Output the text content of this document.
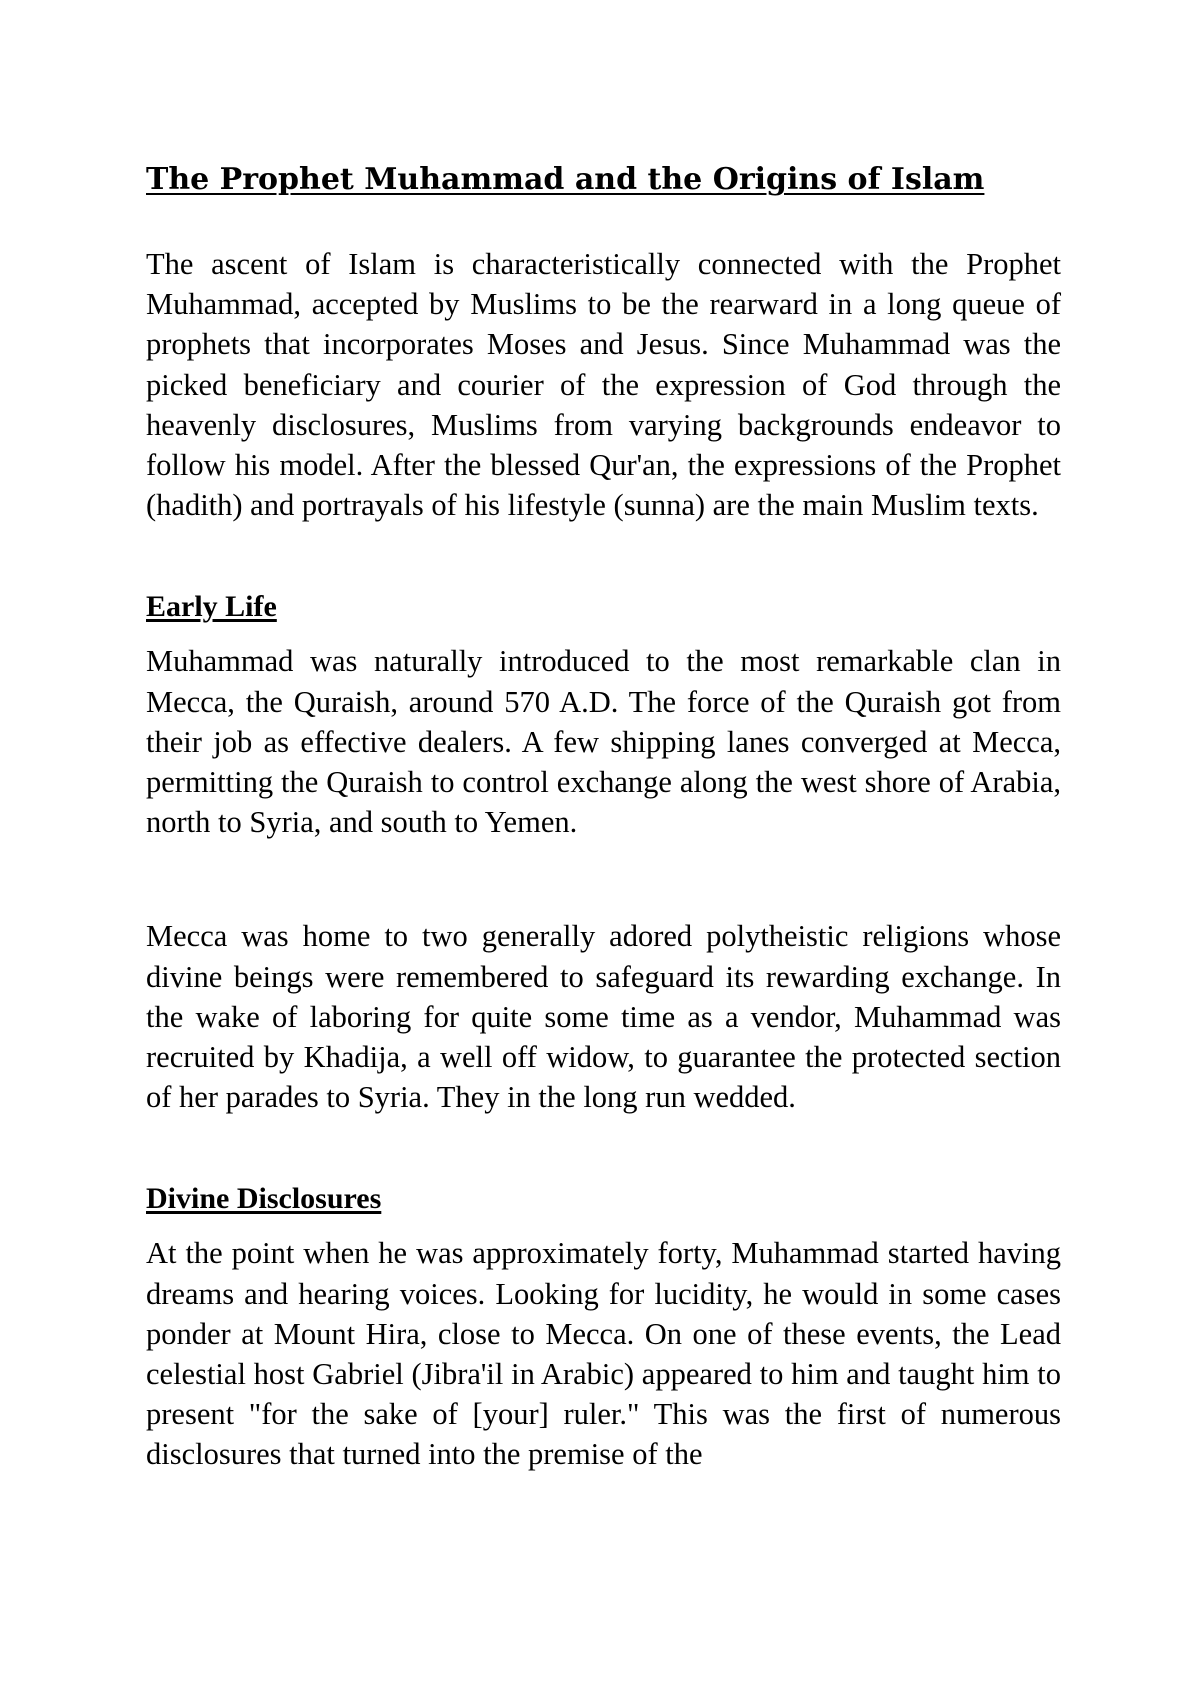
The Prophet Muhammad and the Origins of Islam

The ascent of Islam is characteristically connected with the Prophet Muhammad, accepted by Muslims to be the rearward in a long queue of prophets that incorporates Moses and Jesus. Since Muhammad was the picked beneficiary and courier of the expression of God through the heavenly disclosures, Muslims from varying backgrounds endeavor to follow his model. After the blessed Qur'an, the expressions of the Prophet (hadith) and portrayals of his lifestyle (sunna) are the main Muslim texts.

Early Life

Muhammad was naturally introduced to the most remarkable clan in Mecca, the Quraish, around 570 A.D. The force of the Quraish got from their job as effective dealers. A few shipping lanes converged at Mecca, permitting the Quraish to control exchange along the west shore of Arabia, north to Syria, and south to Yemen.

Mecca was home to two generally adored polytheistic religions whose divine beings were remembered to safeguard its rewarding exchange. In the wake of laboring for quite some time as a vendor, Muhammad was recruited by Khadija, a well off widow, to guarantee the protected section of her parades to Syria. They in the long run wedded.

Divine Disclosures

At the point when he was approximately forty, Muhammad started having dreams and hearing voices. Looking for lucidity, he would in some cases ponder at Mount Hira, close to Mecca. On one of these events, the Lead celestial host Gabriel (Jibra'il in Arabic) appeared to him and taught him to present "for the sake of [your] ruler." This was the first of numerous disclosures that turned into the premise of the
